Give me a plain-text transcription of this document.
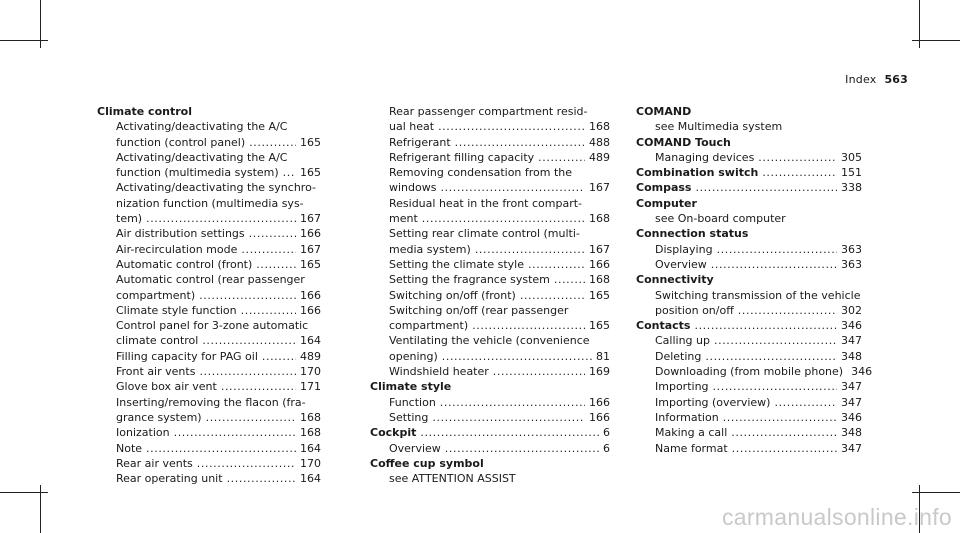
Index 563
Climate control
Activating/deactivating the A/C
function (control panel) .....	165
Activating/deactivating the A/C
function (multimedia system) ..... 165
Activating/deactivating the synchro-
nization function (multimedia sys-
tem) .....	167
Air distribution settings .....	166
Air-recirculation mode .....	167
Automatic control (front) .....	165
Automatic control (rear passenger
compartment) .....	166
Climate style function .....	166
Control panel for 3-zone automatic
climate control .....	164
Filling capacity for PAG oil .....	489
Front air vents .....	170
Glove box air vent .....	171
Inserting/removing the flacon (fra-
grance system) .....	168
Ionization .....	168
Note .....	164
Rear air vents .....	170
Rear operating unit .....	164
Rear passenger compartment resid-
ual heat .....	168
Refrigerant .....	488
Refrigerant filling capacity .....	489
Removing condensation from the
windows .....	167
Residual heat in the front compart-
ment .....	168
Setting rear climate control (multi-
media system) .....	167
Setting the climate style .....	166
Setting the fragrance system .....	168
Switching on/off (front) .....	165
Switching on/off (rear passenger
compartment) .....	165
Ventilating the vehicle (convenience
opening) .....	81
Windshield heater .....	169
Climate style
Function .....	166
Setting .....	166
Cockpit .....	6
Overview .....	6
Coffee cup symbol
see ATTENTION ASSIST
COMAND
see Multimedia system
COMAND Touch
Managing devices .....	305
Combination switch .....	151
Compass .....	338
Computer
see On-board computer
Connection status
Displaying .....	363
Overview .....	363
Connectivity
Switching transmission of the vehicle
position on/off .....	302
Contacts .....	346
Calling up .....	347
Deleting .....	348
Downloading (from mobile phone) 346
Importing .....	347
Importing (overview) .....	347
Information .....	346
Making a call .....	348
Name format .....	347
carmanualsonline.info
